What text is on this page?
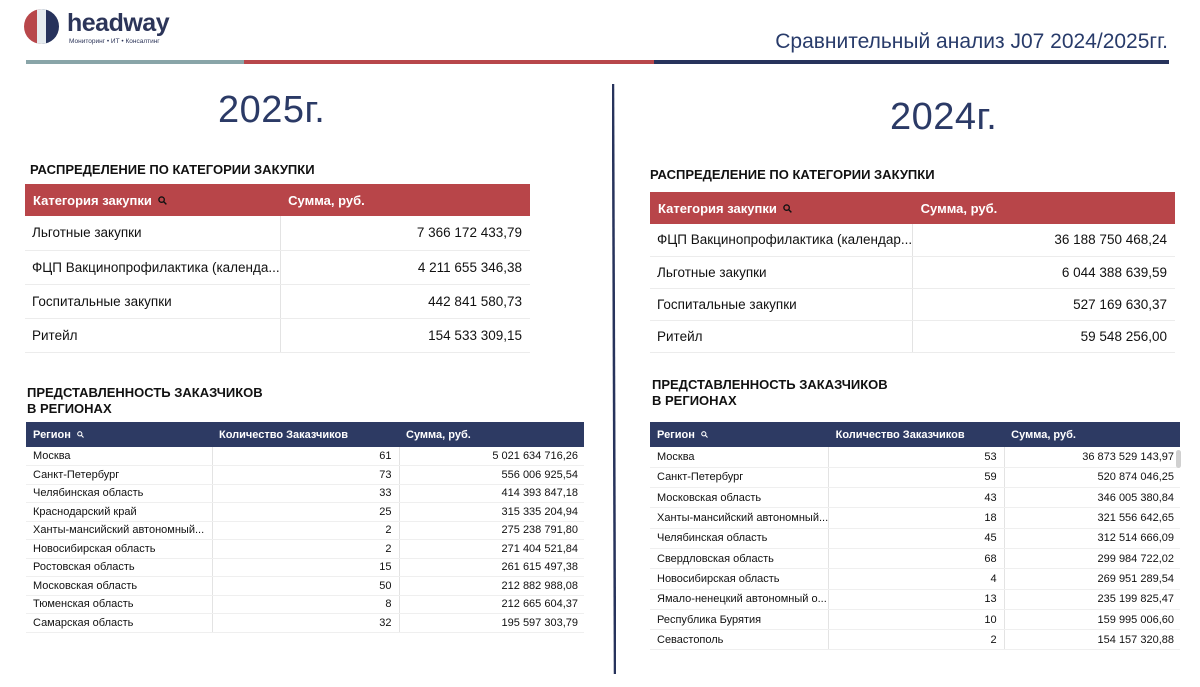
headway
Мониторинг • ИТ • Консалтинг	Сравнительный анализ J07 2024/2025гг.
2025г.
РАСПРЕДЕЛЕНИЕ ПО КАТЕГОРИИ ЗАКУПКИ
Категория закупки	Сумма, руб.
Льготные закупки	7 366 172 433,79
ФЦП Вакцинопрофилактика (календа...	4 211 655 346,38
Госпитальные закупки	442 841 580,73
Ритейл	154 533 309,15
ПРЕДСТАВЛЕННОСТЬ ЗАКАЗЧИКОВ
В РЕГИОНАХ
Регион	Количество Заказчиков	Сумма, руб.
Москва	61	5 021 634 716,26
Санкт-Петербург	73	556 006 925,54
Челябинская область	33	414 393 847,18
Краснодарский край	25	315 335 204,94
Ханты-мансийский автономный...	2	275 238 791,80
Новосибирская область	2	271 404 521,84
Ростовская область	15	261 615 497,38
Московская область	50	212 882 988,08
Тюменская область	8	212 665 604,37
Самарская область	32	195 597 303,79
2024г.
РАСПРЕДЕЛЕНИЕ ПО КАТЕГОРИИ ЗАКУПКИ
Категория закупки	Сумма, руб.
ФЦП Вакцинопрофилактика (календар...	36 188 750 468,24
Льготные закупки	6 044 388 639,59
Госпитальные закупки	527 169 630,37
Ритейл	59 548 256,00
ПРЕДСТАВЛЕННОСТЬ ЗАКАЗЧИКОВ
В РЕГИОНАХ
Регион	Количество Заказчиков	Сумма, руб.
Москва	53	36 873 529 143,97
Санкт-Петербург	59	520 874 046,25
Московская область	43	346 005 380,84
Ханты-мансийский автономный...	18	321 556 642,65
Челябинская область	45	312 514 666,09
Свердловская область	68	299 984 722,02
Новосибирская область	4	269 951 289,54
Ямало-ненецкий автономный о...	13	235 199 825,47
Республика Бурятия	10	159 995 006,60
Севастополь	2	154 157 320,88
